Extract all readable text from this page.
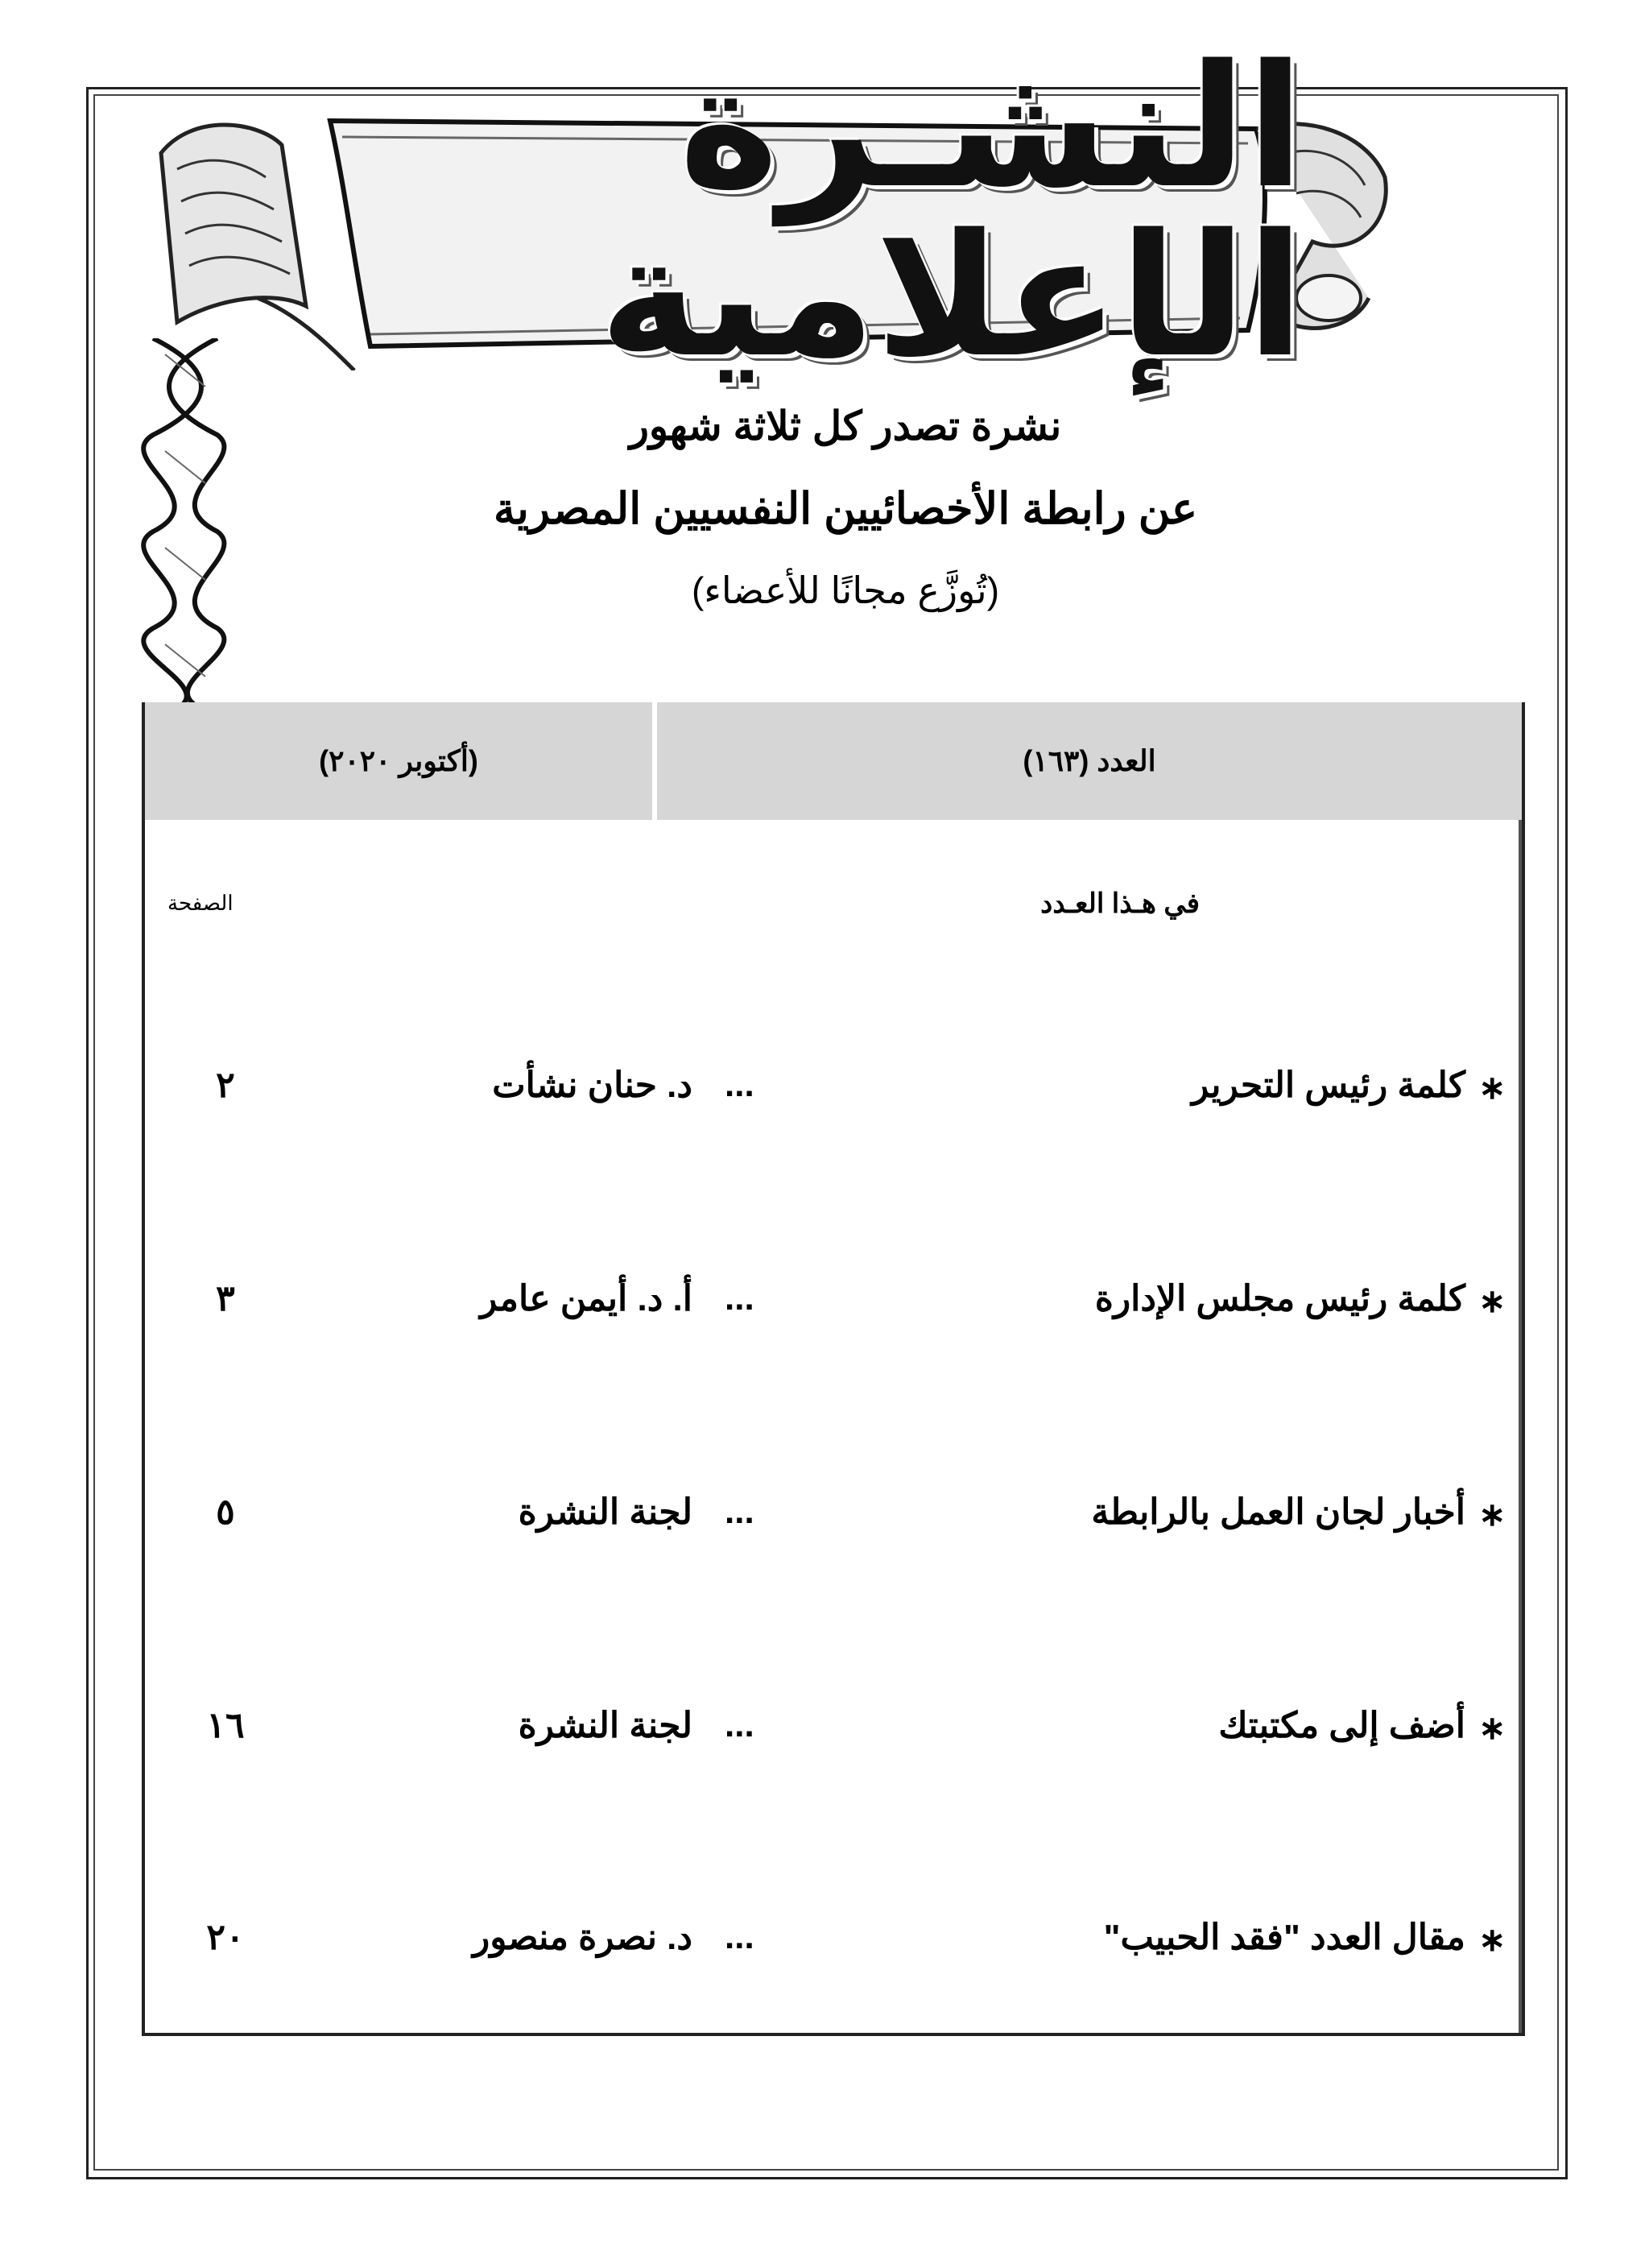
النشـرة الإعلامية
نشرة تصدر كل ثلاثة شهور
عن رابطة الأخصائيين النفسيين المصرية
(تُوزَّع مجانًا للأعضاء)
(أكتوبر ٢٠٢٠)	العدد (١٦٣)
في هـذا العـدد
الصفحة
∗
كلمة رئيس التحرير
...
د. حنان نشأت
٢
∗
كلمة رئيس مجلس الإدارة
...
أ. د. أيمن عامر
٣
∗
أخبار لجان العمل بالرابطة
...
لجنة النشرة
٥
∗
أضف إلى مكتبتك
...
لجنة النشرة
١٦
∗
مقال العدد "فقد الحبيب"
...
د. نصرة منصور
٢٠
